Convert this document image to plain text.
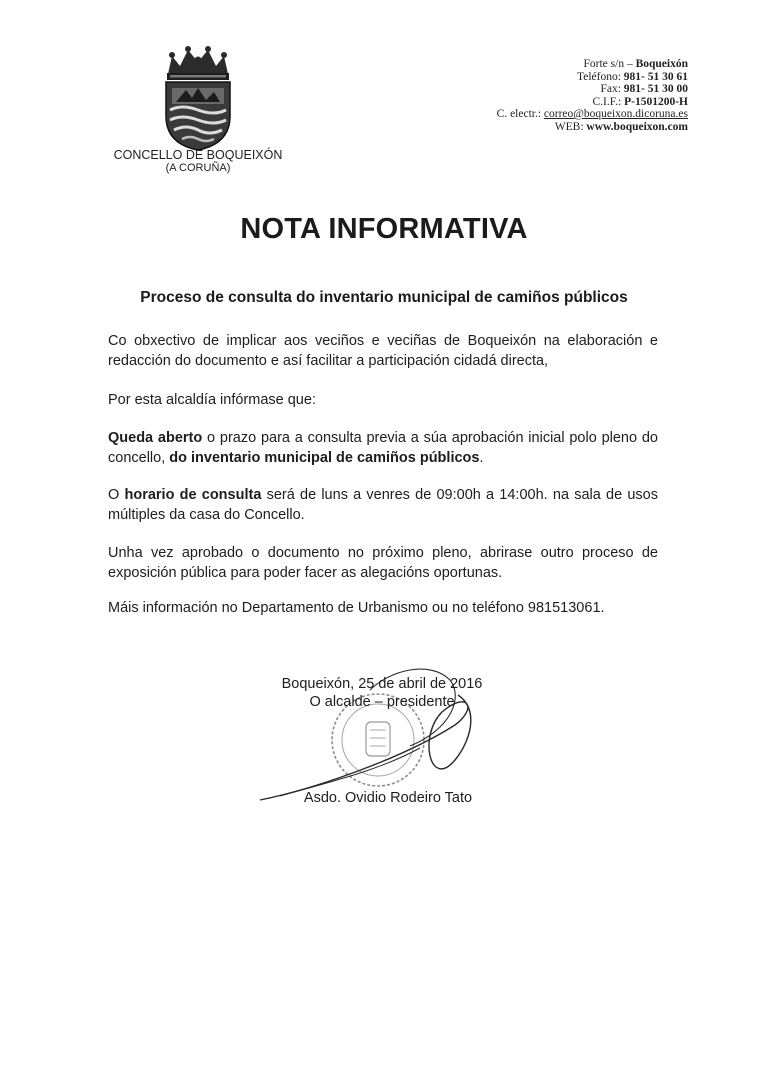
CONCELLO DE BOQUEIXÓN
(A CORUÑA)
Forte s/n – Boqueixón
Teléfono: 981- 51 30 61
Fax: 981- 51 30 00
C.I.F.: P-1501200-H
C. electr.: correo@boqueixon.dicoruna.es
WEB: www.boqueixon.com
NOTA INFORMATIVA
Proceso de consulta do inventario municipal de camiños públicos

Co obxectivo de implicar aos veciños e veciñas de Boqueixón na elaboración e redacción do documento e así facilitar a participación cidadá directa,

Por esta alcaldía infórmase que:

Queda aberto o prazo para a consulta previa a súa aprobación inicial polo pleno do concello, do inventario municipal de camiños públicos.

O horario de consulta será de luns a venres de 09:00h a 14:00h. na sala de usos múltiples da casa do Concello.

Unha vez aprobado o documento no próximo pleno, abrirase outro proceso de exposición pública para poder facer as alegacións oportunas.

Máis información no Departamento de Urbanismo ou no teléfono 981513061.

Boqueixón, 25 de abril de 2016
O alcalde – presidente
Asdo. Ovidio Rodeiro Tato
